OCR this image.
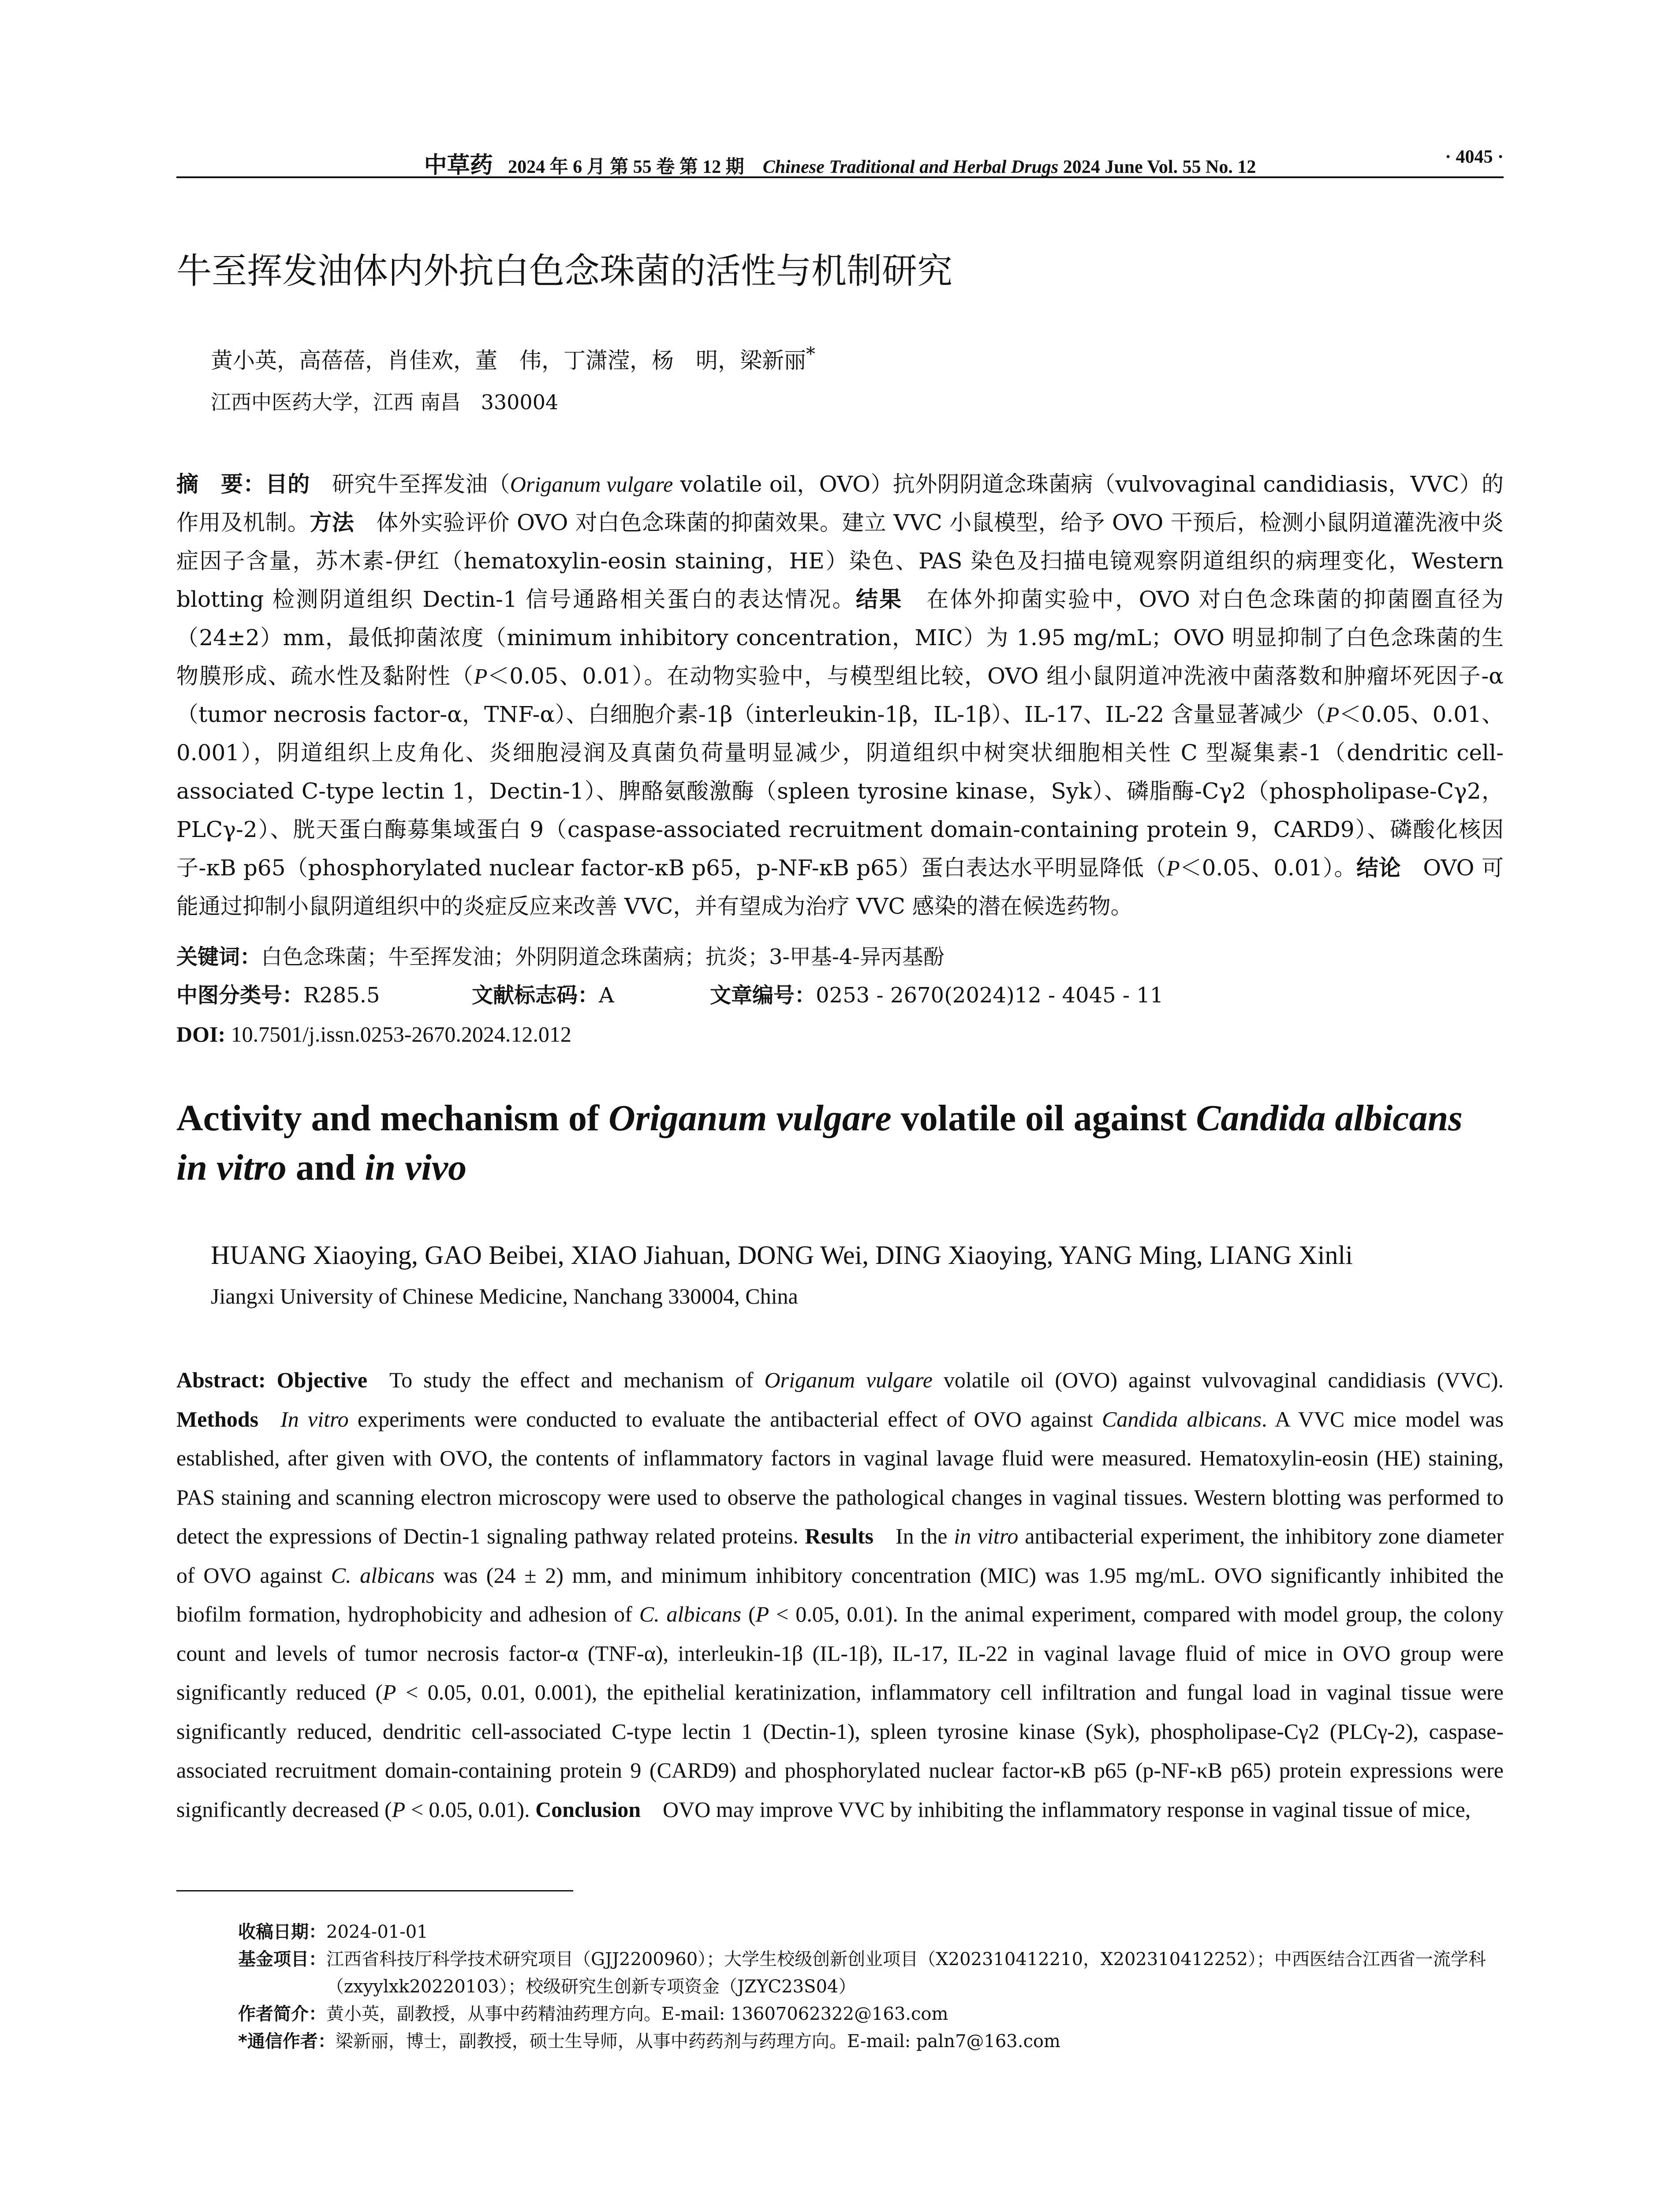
中草药 2024 年 6 月 第 55 卷 第 12 期 Chinese Traditional and Herbal Drugs 2024 June Vol. 55 No. 12	· 4045 ·
牛至挥发油体内外抗白色念珠菌的活性与机制研究
黄小英，高蓓蓓，肖佳欢，董　伟，丁潇滢，杨　明，梁新丽*
江西中医药大学，江西 南昌　330004
摘　要：目的  研究牛至挥发油（Origanum vulgare volatile oil，OVO）抗外阴阴道念珠菌病（vulvovaginal candidiasis，VVC）的作用及机制。方法  体外实验评价 OVO 对白色念珠菌的抑菌效果。建立 VVC 小鼠模型，给予 OVO 干预后，检测小鼠阴道灌洗液中炎症因子含量，苏木素-伊红（hematoxylin-eosin staining，HE）染色、PAS 染色及扫描电镜观察阴道组织的病理变化，Western blotting 检测阴道组织 Dectin-1 信号通路相关蛋白的表达情况。结果  在体外抑菌实验中，OVO 对白色念珠菌的抑菌圈直径为（24±2）mm，最低抑菌浓度（minimum inhibitory concentration，MIC）为 1.95 mg/mL；OVO 明显抑制了白色念珠菌的生物膜形成、疏水性及黏附性（P＜0.05、0.01）。在动物实验中，与模型组比较，OVO 组小鼠阴道冲洗液中菌落数和肿瘤坏死因子-α（tumor necrosis factor-α，TNF-α）、白细胞介素-1β（interleukin-1β，IL-1β）、IL-17、IL-22 含量显著减少（P＜0.05、0.01、0.001），阴道组织上皮角化、炎细胞浸润及真菌负荷量明显减少，阴道组织中树突状细胞相关性 C 型凝集素-1（dendritic cell-associated C-type lectin 1，Dectin-1）、脾酪氨酸激酶（spleen tyrosine kinase，Syk）、磷脂酶-Cγ2（phospholipase-Cγ2，PLCγ-2）、胱天蛋白酶募集域蛋白 9（caspase-associated recruitment domain-containing protein 9，CARD9）、磷酸化核因子-κB p65（phosphorylated nuclear factor-κB p65，p-NF-κB p65）蛋白表达水平明显降低（P＜0.05、0.01）。结论  OVO 可能通过抑制小鼠阴道组织中的炎症反应来改善 VVC，并有望成为治疗 VVC 感染的潜在候选药物。
关键词：白色念珠菌；牛至挥发油；外阴阴道念珠菌病；抗炎；3-甲基-4-异丙基酚
中图分类号：R285.5	文献标志码：A	文章编号：0253 - 2670(2024)12 - 4045 - 11
DOI: 10.7501/j.issn.0253-2670.2024.12.012
Activity and mechanism of Origanum vulgare volatile oil against Candida albicans
in vitro and in vivo
HUANG Xiaoying, GAO Beibei, XIAO Jiahuan, DONG Wei, DING Xiaoying, YANG Ming, LIANG Xinli
Jiangxi University of Chinese Medicine, Nanchang 330004, China
Abstract: Objective  To study the effect and mechanism of Origanum vulgare volatile oil (OVO) against vulvovaginal candidiasis (VVC). Methods  In vitro experiments were conducted to evaluate the antibacterial effect of OVO against Candida albicans. A VVC mice model was established, after given with OVO, the contents of inflammatory factors in vaginal lavage fluid were measured. Hematoxylin-eosin (HE) staining, PAS staining and scanning electron microscopy were used to observe the pathological changes in vaginal tissues. Western blotting was performed to detect the expressions of Dectin-1 signaling pathway related proteins. Results  In the in vitro antibacterial experiment, the inhibitory zone diameter of OVO against C. albicans was (24 ± 2) mm, and minimum inhibitory concentration (MIC) was 1.95 mg/mL. OVO significantly inhibited the biofilm formation, hydrophobicity and adhesion of C. albicans (P < 0.05, 0.01). In the animal experiment, compared with model group, the colony count and levels of tumor necrosis factor-α (TNF-α), interleukin-1β (IL-1β), IL-17, IL-22 in vaginal lavage fluid of mice in OVO group were significantly reduced (P < 0.05, 0.01, 0.001), the epithelial keratinization, inflammatory cell infiltration and fungal load in vaginal tissue were significantly reduced, dendritic cell-associated C-type lectin 1 (Dectin-1), spleen tyrosine kinase (Syk), phospholipase-Cγ2 (PLCγ-2), caspase-associated recruitment domain-containing protein 9 (CARD9) and phosphorylated nuclear factor-κB p65 (p-NF-κB p65) protein expressions were significantly decreased (P < 0.05, 0.01). Conclusion  OVO may improve VVC by inhibiting the inflammatory response in vaginal tissue of mice,
收稿日期： 2024-01-01
基金项目： 江西省科技厅科学技术研究项目（GJJ2200960）；大学生校级创新创业项目（X202310412210，X202310412252）；中西医结合江西省一流学科（zxyylxk20220103）；校级研究生创新专项资金（JZYC23S04）
作者简介： 黄小英，副教授，从事中药精油药理方向。E-mail: 13607062322@163.com
*通信作者： 梁新丽，博士，副教授，硕士生导师，从事中药药剂与药理方向。E-mail: paln7@163.com
